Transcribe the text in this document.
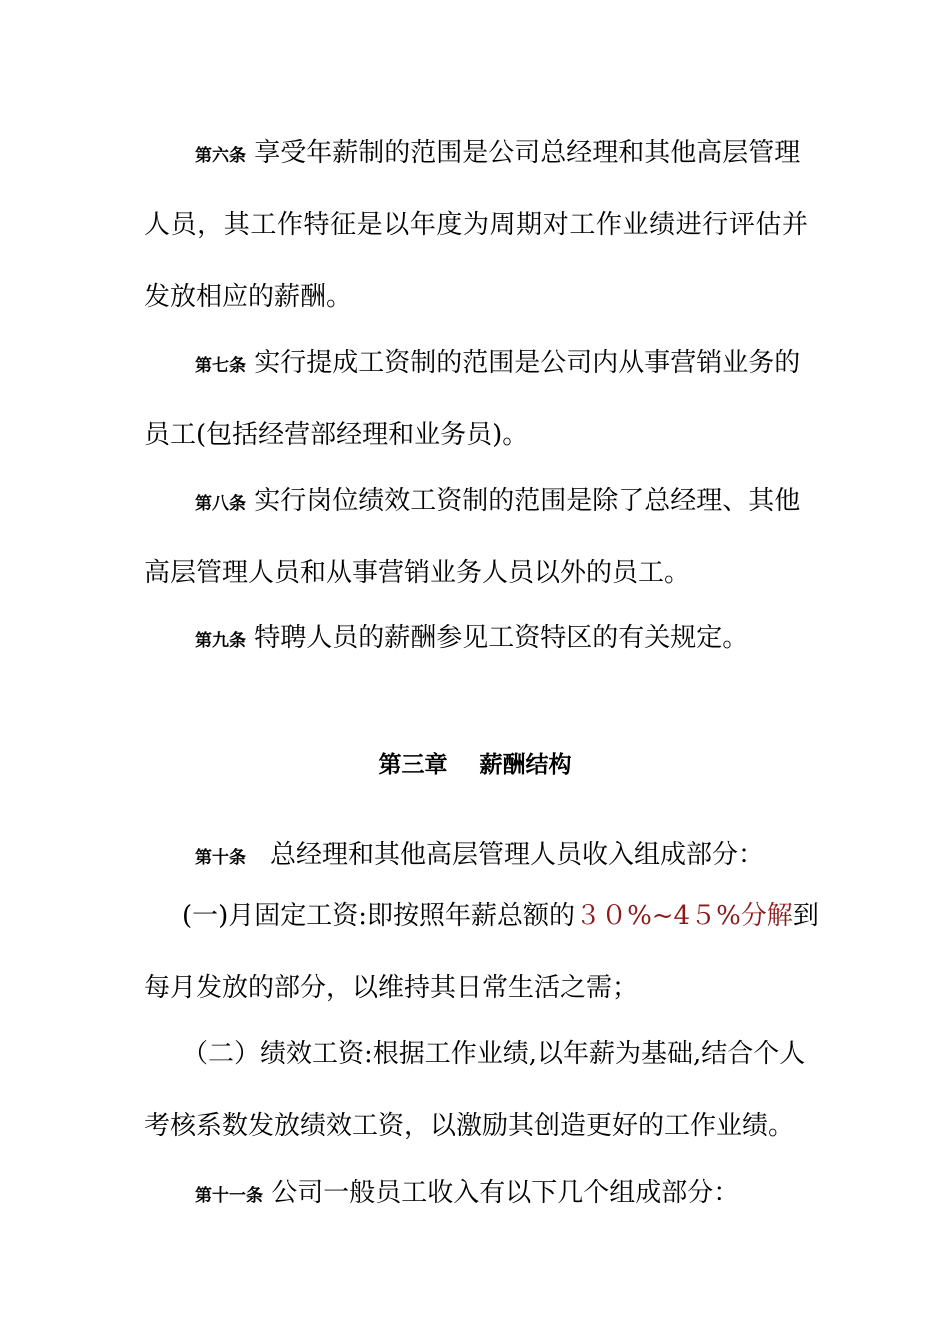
第六条 享受年薪制的范围是公司总经理和其他高层管理
人员，其工作特征是以年度为周期对工作业绩进行评估并
发放相应的薪酬。
第七条 实行提成工资制的范围是公司内从事营销业务的
员工(包括经营部经理和业务员)。
第八条 实行岗位绩效工资制的范围是除了总经理、其他
高层管理人员和从事营销业务人员以外的员工。
第九条 特聘人员的薪酬参见工资特区的有关规定。
第三章    薪酬结构
第十条 总经理和其他高层管理人员收入组成部分：
(一)月固定工资:即按照年薪总额的３０%~4５%分解到
每月发放的部分，以维持其日常生活之需；
（二）绩效工资:根据工作业绩,以年薪为基础,结合个人
考核系数发放绩效工资，以激励其创造更好的工作业绩。
第十一条 公司一般员工收入有以下几个组成部分：
